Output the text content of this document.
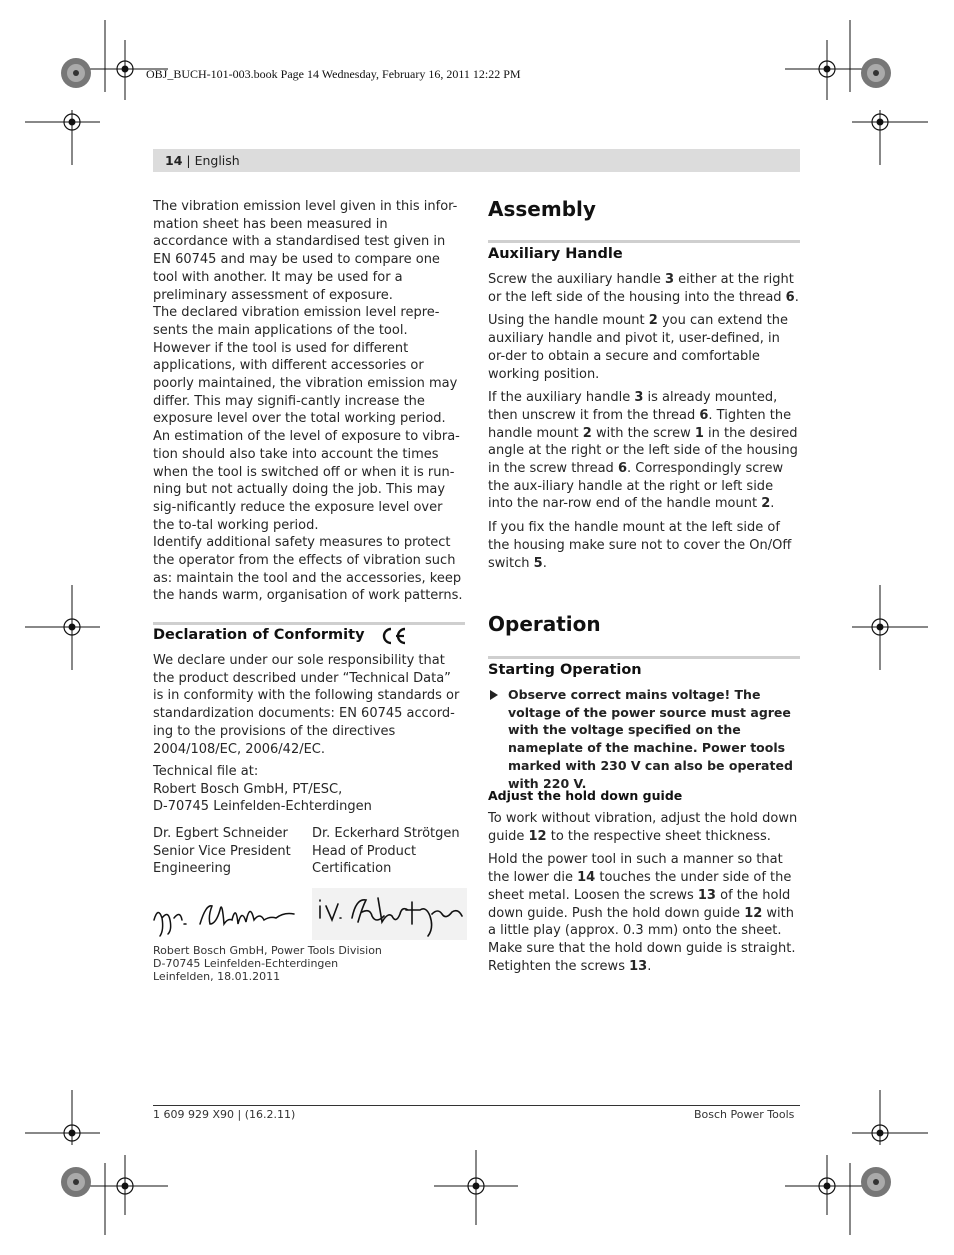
OBJ_BUCH-101-003.book Page 14 Wednesday, February 16, 2011 12:22 PM
14 | English

The vibration emission level given in this infor-mation sheet has been measured in accordance with a standardised test given in EN 60745 and may be used to compare one tool with another. It may be used for a preliminary assessment of exposure.

The declared vibration emission level repre-sents the main applications of the tool. However if the tool is used for different applications, with different accessories or poorly maintained, the vibration emission may differ. This may signifi-cantly increase the exposure level over the total working period.

An estimation of the level of exposure to vibra-tion should also take into account the times when the tool is switched off or when it is run-ning but not actually doing the job. This may sig-nificantly reduce the exposure level over the to-tal working period.

Identify additional safety measures to protect the operator from the effects of vibration such as: maintain the tool and the accessories, keep the hands warm, organisation of work patterns.

Declaration of Conformity

We declare under our sole responsibility that the product described under “Technical Data” is in conformity with the following standards or standardization documents: EN 60745 accord-ing to the provisions of the directives 2004/108/EC, 2006/42/EC.

Technical file at:

Robert Bosch GmbH, PT/ESC,

D-70745 Leinfelden-Echterdingen

Dr. Egbert Schneider

Senior Vice President

Engineering

Dr. Eckerhard Strötgen

Head of Product

Certification

Robert Bosch GmbH, Power Tools Division
D-70745 Leinfelden-Echterdingen
Leinfelden, 18.01.2011
Assembly
Auxiliary Handle

Screw the auxiliary handle 3 either at the right or the left side of the housing into the thread 6.

Using the handle mount 2 you can extend the auxiliary handle and pivot it, user-defined, in or-der to obtain a secure and comfortable working position.

If the auxiliary handle 3 is already mounted, then unscrew it from the thread 6. Tighten the handle mount 2 with the screw 1 in the desired angle at the right or the left side of the housing in the screw thread 6. Correspondingly screw the aux-iliary handle at the right or left side into the nar-row end of the handle mount 2.

If you fix the handle mount at the left side of the housing make sure not to cover the On/Off switch 5.

Operation
Starting Operation
Observe correct mains voltage! The voltage of the power source must agree with the voltage specified on the nameplate of the machine. Power tools marked with 230 V can also be operated with 220 V.
Adjust the hold down guide

To work without vibration, adjust the hold down guide 12 to the respective sheet thickness.

Hold the power tool in such a manner so that the lower die 14 touches the under side of the sheet metal. Loosen the screws 13 of the hold down guide. Push the hold down guide 12 with a little play (approx. 0.3 mm) onto the sheet. Make sure that the hold down guide is straight. Retighten the screws 13.

1 609 929 X90 | (16.2.11)	Bosch Power Tools
